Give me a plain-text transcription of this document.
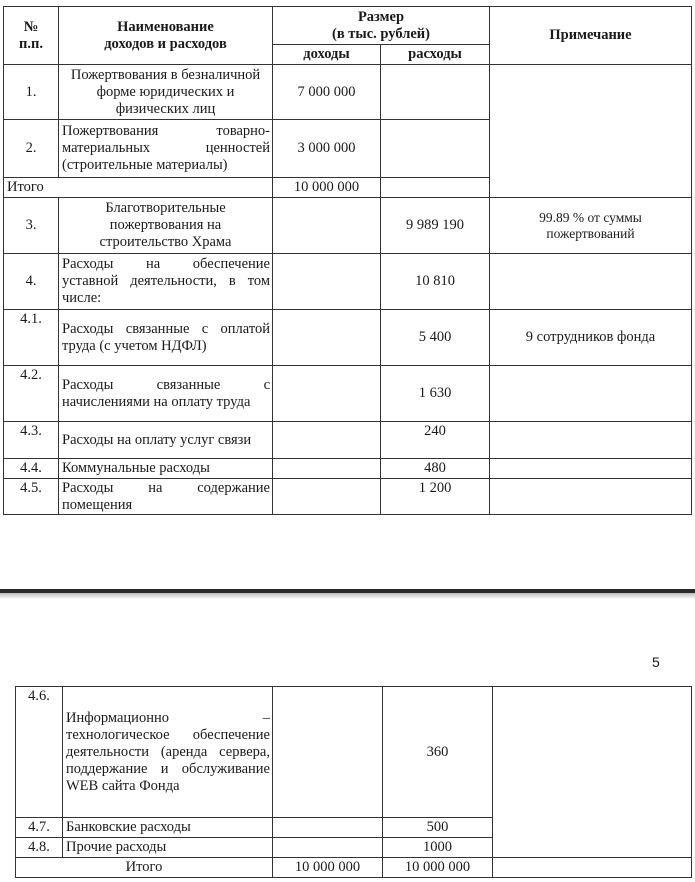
№
п.п.	Наименование
доходов и расходов	Размер
(в тыс. рублей)		Примечание
		доходы	расходы	
1.	Пожертвования в безналичной форме юридических и физических лиц	7 000 000		
2.	Пожертвования товарно-материальных ценностей (строительные материалы)	3 000 000		
Итого		10 000 000		
3.	Благотворительные пожертвования на строительство Храма		9 989 190	99.89 % от суммы пожертвований
4.	Расходы на обеспечение уставной деятельности, в том числе:		10 810	
4.1.	Расходы связанные с оплатой труда (с учетом НДФЛ)		5 400	9 сотрудников фонда
4.2.	Расходы связанные с начислениями на оплату труда		1 630	
4.3.	Расходы на оплату услуг связи		240	
4.4.	Коммунальные расходы		480	
4.5.	Расходы на содержание помещения		1 200	
5
4.6.	Информационно – технологическое обеспечение деятельности (аренда сервера, поддержание и обслуживание WEB сайта Фонда		360	
4.7.	Банковские расходы		500	
4.8.	Прочие расходы		1000	
Итого		10 000 000	10 000 000	
